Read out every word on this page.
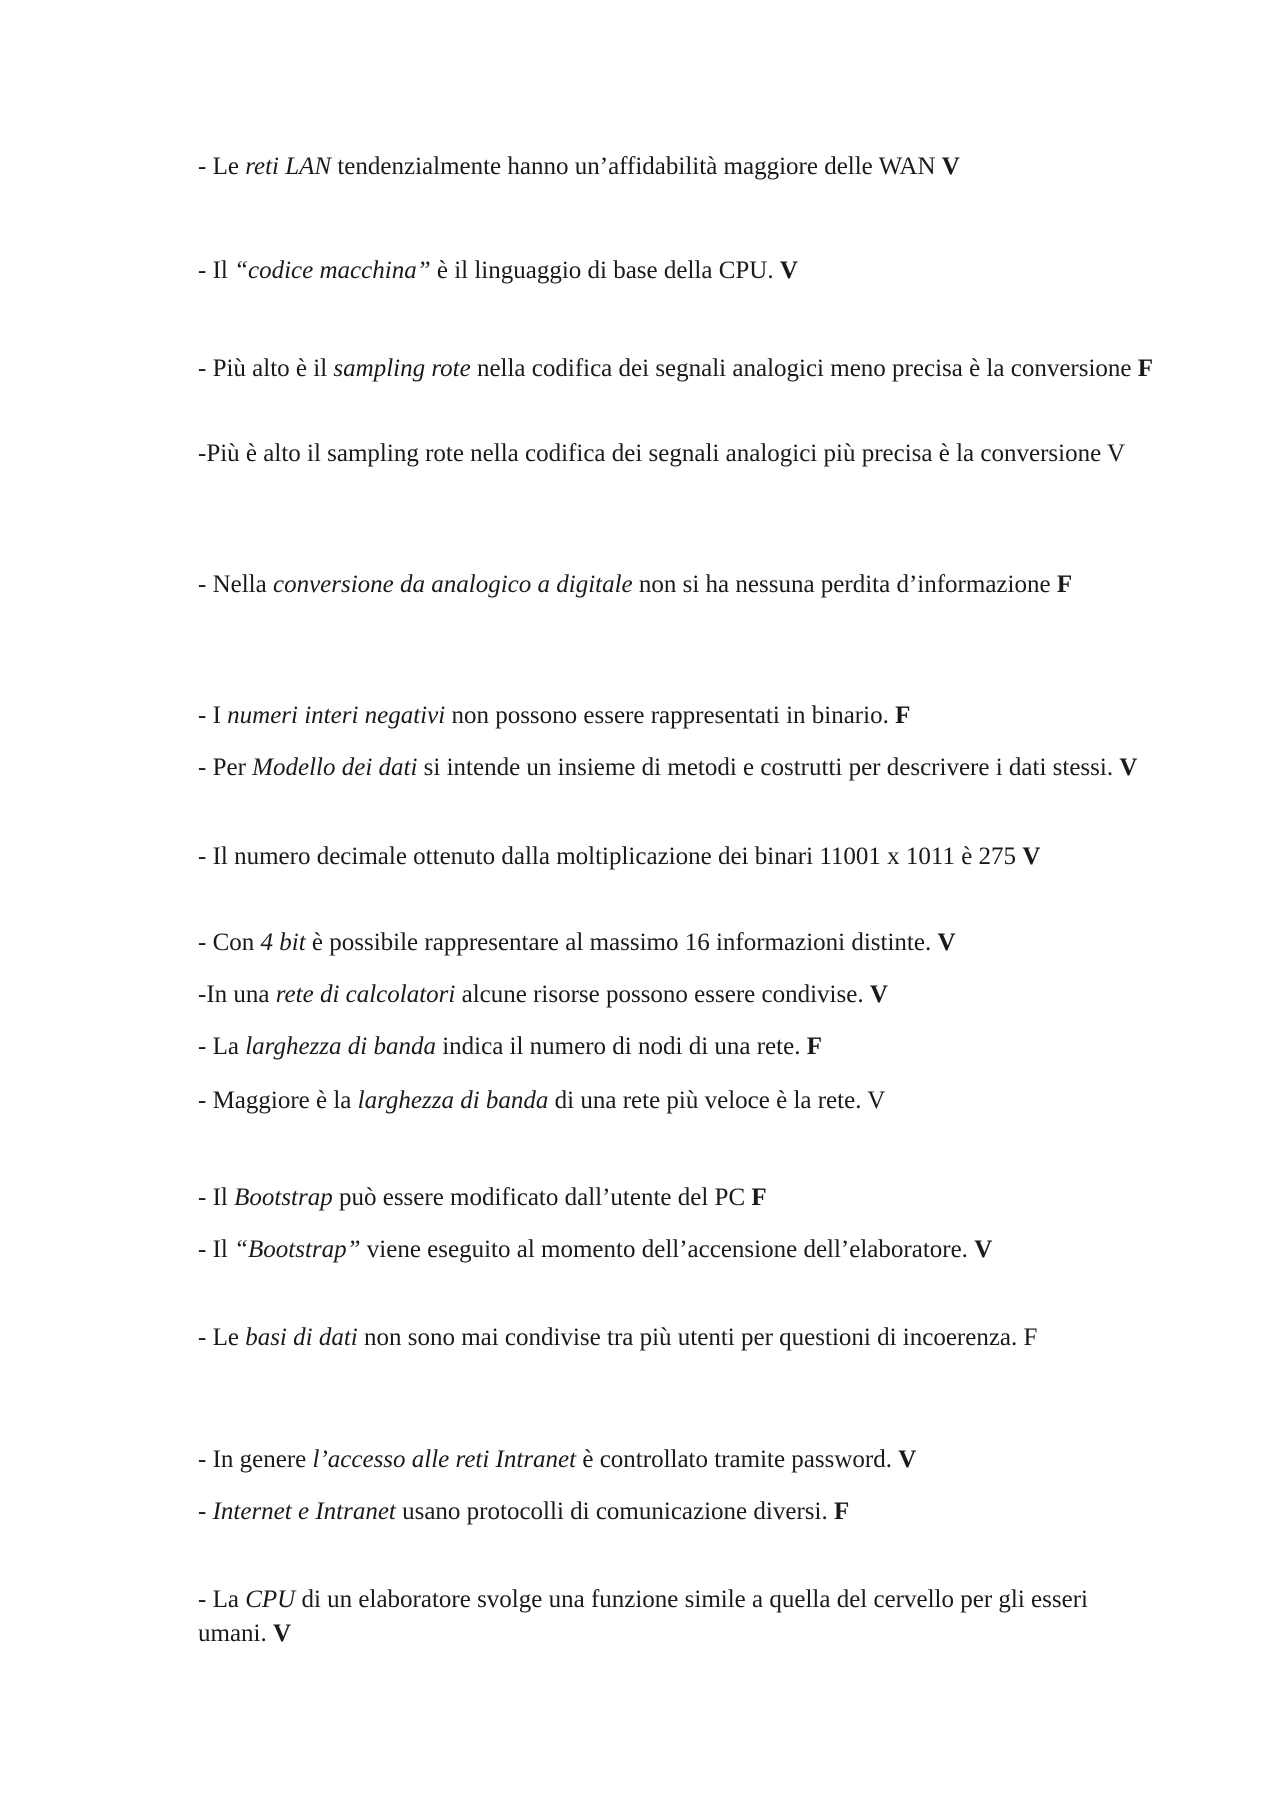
- Le reti LAN tendenzialmente hanno un’affidabilità maggiore delle WAN V

- Il “codice macchina” è il linguaggio di base della CPU. V

- Più alto è il sampling rote nella codifica dei segnali analogici meno precisa è la conversione F

-Più è alto il sampling rote nella codifica dei segnali analogici più precisa è la conversione V

- Nella conversione da analogico a digitale non si ha nessuna perdita d’informazione F

- I numeri interi negativi non possono essere rappresentati in binario. F

- Per Modello dei dati si intende un insieme di metodi e costrutti per descrivere i dati stessi. V

- Il numero decimale ottenuto dalla moltiplicazione dei binari 11001 x 1011 è 275 V

- Con 4 bit è possibile rappresentare al massimo 16 informazioni distinte. V

-In una rete di calcolatori alcune risorse possono essere condivise. V

- La larghezza di banda indica il numero di nodi di una rete. F

- Maggiore è la larghezza di banda di una rete più veloce è la rete. V

- Il Bootstrap può essere modificato dall’utente del PC F

- Il “Bootstrap” viene eseguito al momento dell’accensione dell’elaboratore. V

- Le basi di dati non sono mai condivise tra più utenti per questioni di incoerenza. F

- In genere l’accesso alle reti Intranet è controllato tramite password. V

- Internet e Intranet usano protocolli di comunicazione diversi. F

- La CPU di un elaboratore svolge una funzione simile a quella del cervello per gli esseri umani. V
